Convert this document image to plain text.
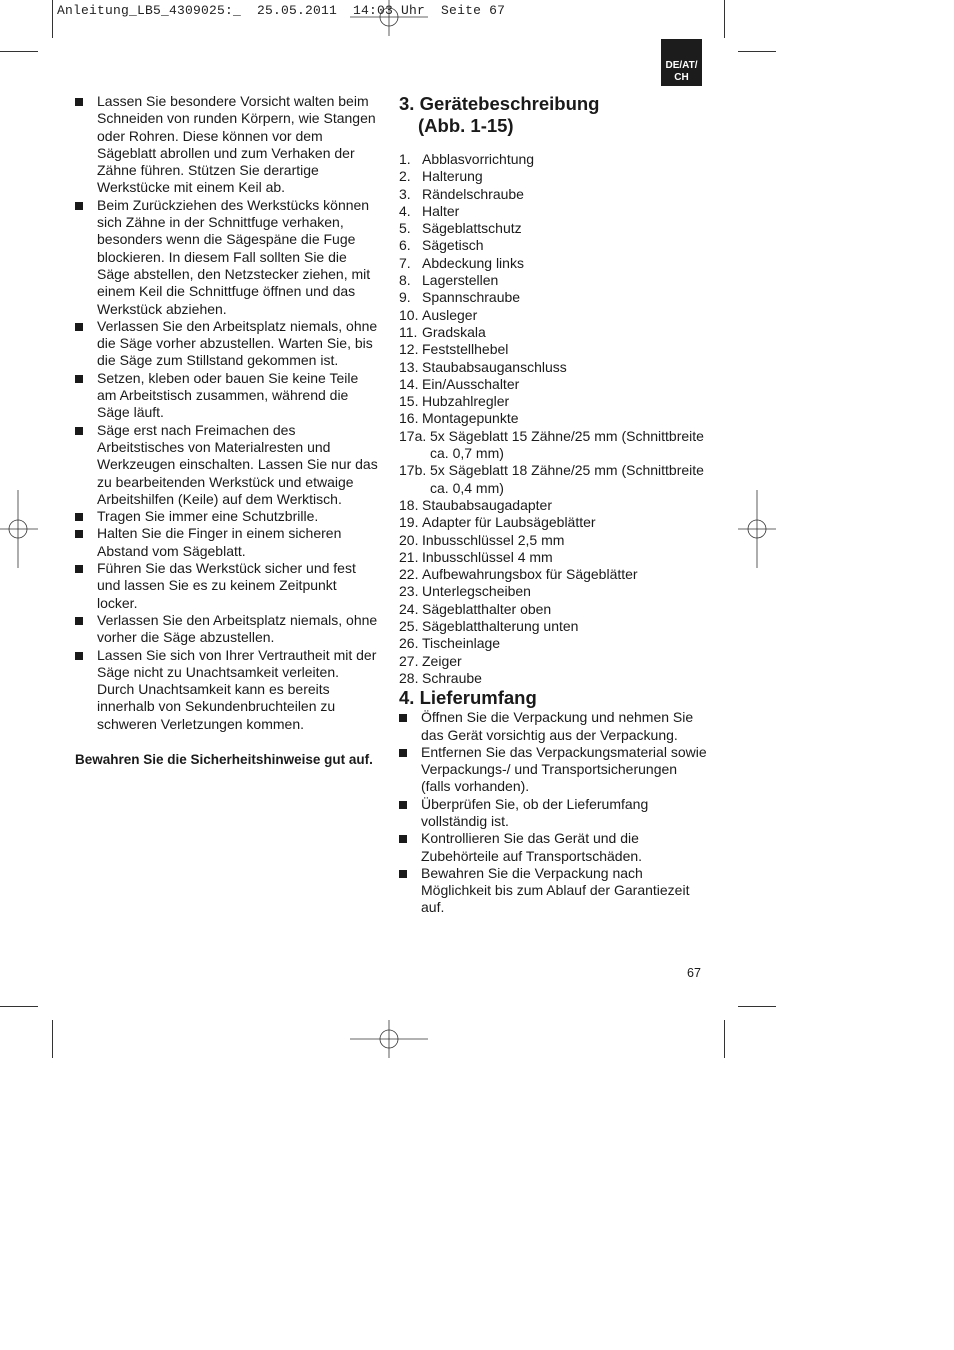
Anleitung_LB5_4309025:_  25.05.2011  14:03 Uhr  Seite 67
DE/AT/
CH
Lassen Sie besondere Vorsicht walten beim Schneiden von runden Körpern, wie Stangen oder Rohren. Diese können vor dem Sägeblatt abrollen und zum Verhaken der Zähne führen. Stützen Sie derartige Werkstücke mit einem Keil ab.
Beim Zurückziehen des Werkstücks können sich Zähne in der Schnittfuge verhaken, besonders wenn die Sägespäne die Fuge blockieren. In diesem Fall sollten Sie die Säge abstellen, den Netzstecker ziehen, mit einem Keil die Schnittfuge öffnen und das Werkstück abziehen.
Verlassen Sie den Arbeitsplatz niemals, ohne die Säge vorher abzustellen. Warten Sie, bis die Säge zum Stillstand gekommen ist.
Setzen, kleben oder bauen Sie keine Teile am Arbeitstisch zusammen, während die Säge läuft.
Säge erst nach Freimachen des Arbeitstisches von Materialresten und Werkzeugen einschalten. Lassen Sie nur das zu bearbeitenden Werkstück und etwaige Arbeitshilfen (Keile) auf dem Werktisch.
Tragen Sie immer eine Schutzbrille.
Halten Sie die Finger in einem sicheren Abstand vom Sägeblatt.
Führen Sie das Werkstück sicher und fest und lassen Sie es zu keinem Zeitpunkt locker.
Verlassen Sie den Arbeitsplatz niemals, ohne vorher die Säge abzustellen.
Lassen Sie sich von Ihrer Vertrautheit mit der Säge nicht zu Unachtsamkeit verleiten. Durch Unachtsamkeit kann es bereits innerhalb von Sekundenbruchteilen zu schweren Verletzungen kommen.
Bewahren Sie die Sicherheitshinweise gut auf.
3. Gerätebeschreibung
(Abb. 1-15)
1. Abblasvorrichtung
2. Halterung
3. Rändelschraube
4. Halter
5. Sägeblattschutz
6. Sägetisch
7. Abdeckung links
8. Lagerstellen
9. Spannschraube
10. Ausleger
11. Gradskala
12. Feststellhebel
13. Staubabsauganschluss
14. Ein/Ausschalter
15. Hubzahlregler
16. Montagepunkte
17a. 5x Sägeblatt 15 Zähne/25 mm (Schnittbreite ca. 0,7 mm)
17b. 5x Sägeblatt 18 Zähne/25 mm (Schnittbreite ca. 0,4 mm)
18. Staubabsaugadapter
19. Adapter für Laubsägeblätter
20. Inbusschlüssel 2,5 mm
21. Inbusschlüssel 4 mm
22. Aufbewahrungsbox für Sägeblätter
23. Unterlegscheiben
24. Sägeblatthalter oben
25. Sägeblatthalterung unten
26. Tischeinlage
27. Zeiger
28. Schraube
4. Lieferumfang
Öffnen Sie die Verpackung und nehmen Sie das Gerät vorsichtig aus der Verpackung.
Entfernen Sie das Verpackungsmaterial sowie Verpackungs-/ und Transportsicherungen (falls vorhanden).
Überprüfen Sie, ob der Lieferumfang vollständig ist.
Kontrollieren Sie das Gerät und die Zubehörteile auf Transportschäden.
Bewahren Sie die Verpackung nach Möglichkeit bis zum Ablauf der Garantiezeit auf.
67
